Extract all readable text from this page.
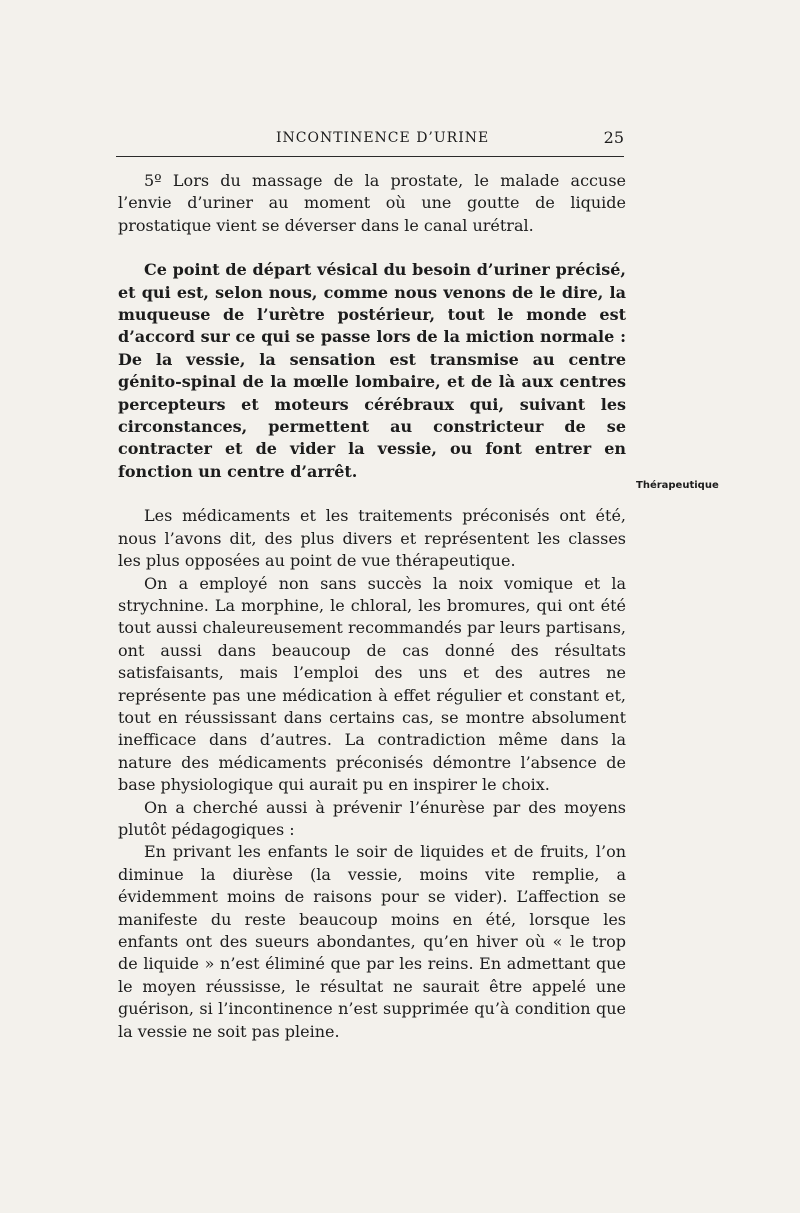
INCONTINENCE D’URINE	25

5º Lors du massage de la prostate, le malade accuse l’envie d’uriner au moment où une goutte de liquide prostatique vient se déverser dans le canal urétral.

Ce point de départ vésical du besoin d’uriner précisé, et qui est, selon nous, comme nous venons de le dire, la muqueuse de l’urètre postérieur, tout le monde est d’accord sur ce qui se passe lors de la miction normale : De la vessie, la sensation est transmise au centre génito-spinal de la mœlle lombaire, et de là aux centres percepteurs et moteurs cérébraux qui, suivant les circonstances, permettent au constricteur de se contracter et de vider la vessie, ou font entrer en fonction un centre d’arrêt.

Les médicaments et les traitements préconisés ont été, nous l’avons dit, des plus divers et représentent les classes les plus opposées au point de vue thérapeutique.

On a employé non sans succès la noix vomique et la strychnine. La morphine, le chloral, les bromures, qui ont été tout aussi chaleureusement recommandés par leurs partisans, ont aussi dans beaucoup de cas donné des résultats satisfaisants, mais l’emploi des uns et des autres ne représente pas une médication à effet régulier et constant et, tout en réussissant dans certains cas, se montre absolument inefficace dans d’autres. La contradiction même dans la nature des médicaments préconisés démontre l’absence de base physiologique qui aurait pu en inspirer le choix.

On a cherché aussi à prévenir l’énurèse par des moyens plutôt pédagogiques :

En privant les enfants le soir de liquides et de fruits, l’on diminue la diurèse (la vessie, moins vite remplie, a évidemment moins de raisons pour se vider). L’affection se manifeste du reste beaucoup moins en été, lorsque les enfants ont des sueurs abondantes, qu’en hiver où « le trop de liquide » n’est éliminé que par les reins. En admettant que le moyen réussisse, le résultat ne saurait être appelé une guérison, si l’incontinence n’est supprimée qu’à condition que la vessie ne soit pas pleine.

Thérapeutique
